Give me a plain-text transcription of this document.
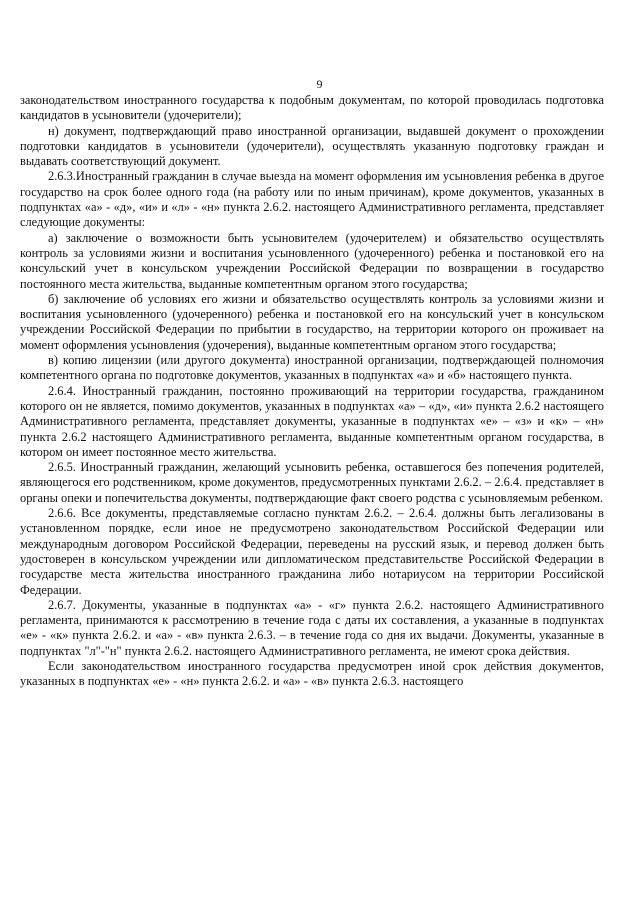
9

законодательством иностранного государства к подобным документам, по которой проводилась подготовка кандидатов в усыновители (удочерители);

н) документ, подтверждающий право иностранной организации, выдавшей документ о прохождении подготовки кандидатов в усыновители (удочерители), осуществлять указанную подготовку граждан и выдавать соответствующий документ.

2.6.3.Иностранный гражданин в случае выезда на момент оформления им усыновления ребенка в другое государство на срок более одного года (на работу или по иным причинам), кроме документов, указанных в подпунктах «а» - «д», «и» и «л» - «н» пункта 2.6.2. настоящего Административного регламента, представляет следующие документы:

а) заключение о возможности быть усыновителем (удочерителем) и обязательство осуществлять контроль за условиями жизни и воспитания усыновленного (удочеренного) ребенка и постановкой его на консульский учет в консульском учреждении Российской Федерации по возвращении в государство постоянного места жительства, выданные компетентным органом этого государства;

б) заключение об условиях его жизни и обязательство осуществлять контроль за условиями жизни и воспитания усыновленного (удочеренного) ребенка и постановкой его на консульский учет в консульском учреждении Российской Федерации по прибытии в государство, на территории которого он проживает на момент оформления усыновления (удочерения), выданные компетентным органом этого государства;

в) копию лицензии (или другого документа) иностранной организации, подтверждающей полномочия компетентного органа по подготовке документов, указанных в подпунктах «а» и «б» настоящего пункта.

2.6.4. Иностранный гражданин, постоянно проживающий на территории государства, гражданином которого он не является, помимо документов, указанных в подпунктах «а» – «д», «и» пункта 2.6.2 настоящего Административного регламента, представляет документы, указанные в подпунктах «е» – «з» и «к» – «н» пункта 2.6.2 настоящего Административного регламента, выданные компетентным органом государства, в котором он имеет постоянное место жительства.

2.6.5. Иностранный гражданин, желающий усыновить ребенка, оставшегося без попечения родителей, являющегося его родственником, кроме документов, предусмотренных пунктами 2.6.2. – 2.6.4. представляет в органы опеки и попечительства документы, подтверждающие факт своего родства с усыновляемым ребенком.

2.6.6. Все документы, представляемые согласно пунктам 2.6.2. – 2.6.4. должны быть легализованы в установленном порядке, если иное не предусмотрено законодательством Российской Федерации или международным договором Российской Федерации, переведены на русский язык, и перевод должен быть удостоверен в консульском учреждении или дипломатическом представительстве Российской Федерации в государстве места жительства иностранного гражданина либо нотариусом на территории Российской Федерации.

2.6.7. Документы, указанные в подпунктах «а» - «г» пункта 2.6.2. настоящего Административного регламента, принимаются к рассмотрению в течение года с даты их составления, а указанные в подпунктах «е» - «к» пункта 2.6.2. и «а» - «в» пункта 2.6.3. – в течение года со дня их выдачи. Документы, указанные в подпунктах "л"-"н" пункта 2.6.2. настоящего Административного регламента, не имеют срока действия.

Если законодательством иностранного государства предусмотрен иной срок действия документов, указанных в подпунктах «е» - «н» пункта 2.6.2. и «а» - «в» пункта 2.6.3. настоящего
